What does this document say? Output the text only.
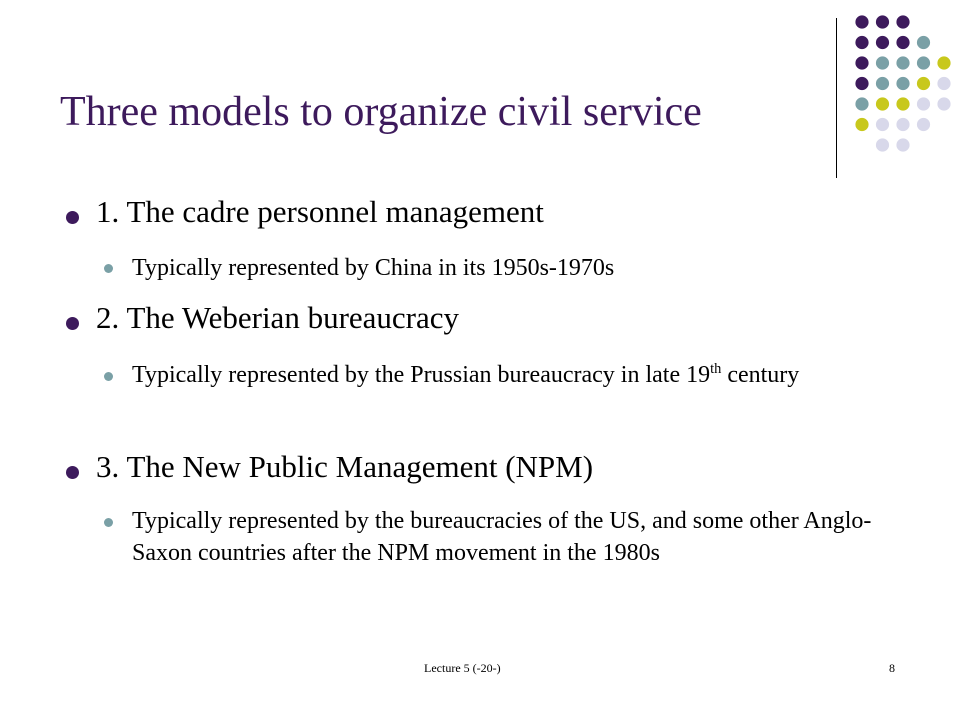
Three models to organize civil service
1. The cadre personnel management
Typically represented by China in its 1950s-1970s
2. The Weberian bureaucracy
Typically represented by the Prussian bureaucracy in late 19th century
3. The New Public Management (NPM)
Typically represented by the bureaucracies of the US, and some other Anglo-Saxon countries after the NPM movement in the 1980s
Lecture 5 (-20-)	8
